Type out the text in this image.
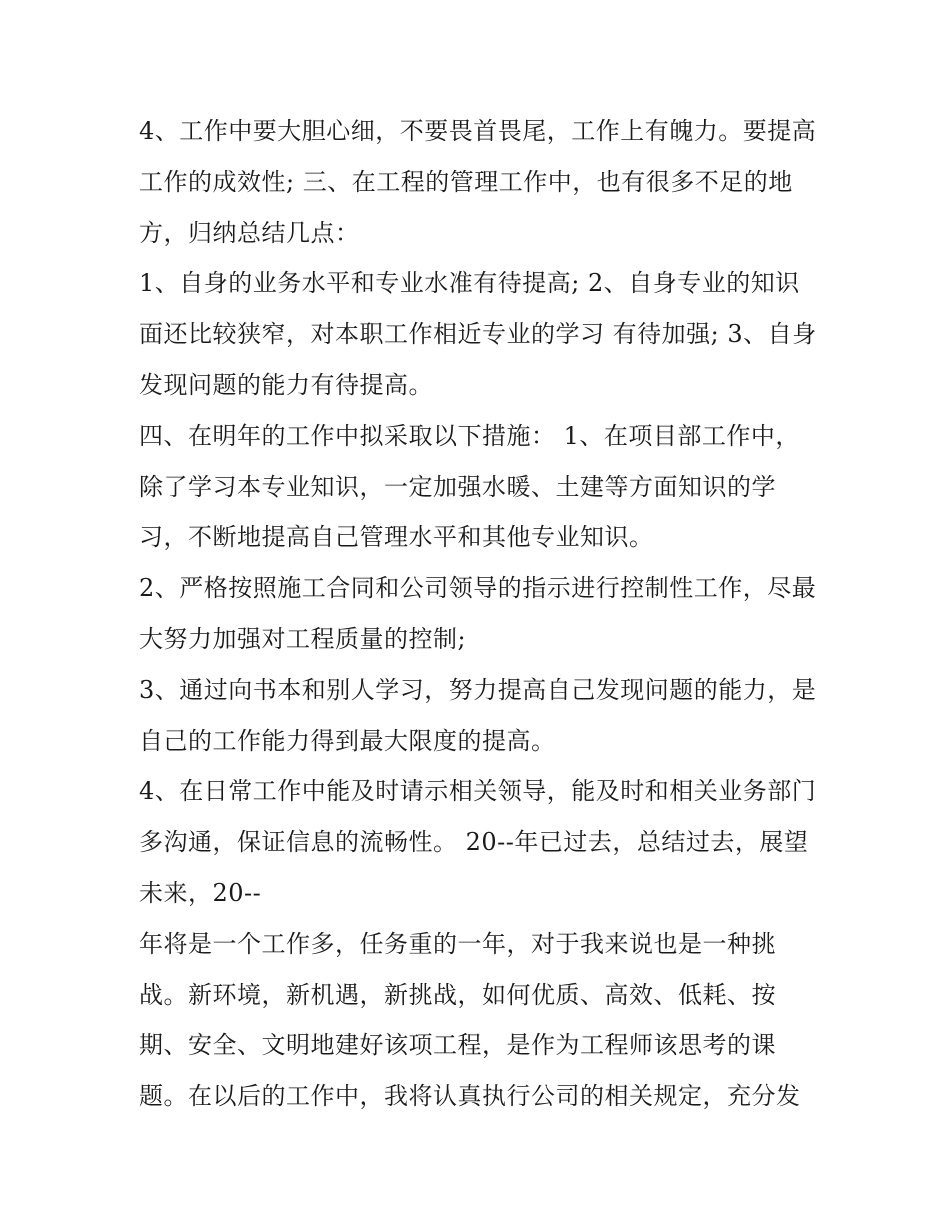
4、工作中要大胆心细，不要畏首畏尾，工作上有魄力。要提高工作的成效性; 三、在工程的管理工作中，也有很多不足的地方，归纳总结几点：

1、自身的业务水平和专业水准有待提高; 2、自身专业的知识面还比较狭窄，对本职工作相近专业的学习 有待加强; 3、自身发现问题的能力有待提高。

四、在明年的工作中拟采取以下措施： 1、在项目部工作中，除了学习本专业知识，一定加强水暖、土建等方面知识的学习，不断地提高自己管理水平和其他专业知识。

2、严格按照施工合同和公司领导的指示进行控制性工作，尽最大努力加强对工程质量的控制;

3、通过向书本和别人学习，努力提高自己发现问题的能力，是自己的工作能力得到最大限度的提高。

4、在日常工作中能及时请示相关领导，能及时和相关业务部门多沟通，保证信息的流畅性。 20--年已过去，总结过去，展望未来，20--

年将是一个工作多，任务重的一年，对于我来说也是一种挑战。新环境，新机遇，新挑战，如何优质、高效、低耗、按期、安全、文明地建好该项工程，是作为工程师该思考的课题。在以后的工作中，我将认真执行公司的相关规定，充分发
